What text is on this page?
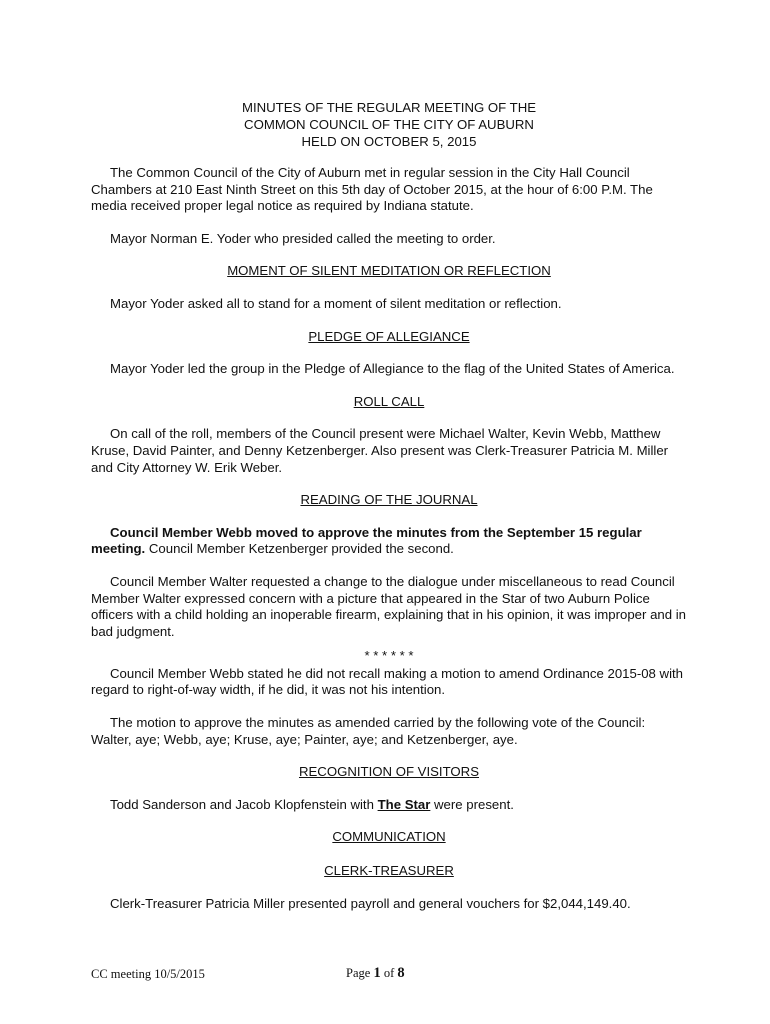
MINUTES OF THE REGULAR MEETING OF THE
COMMON COUNCIL OF THE CITY OF AUBURN
HELD ON OCTOBER 5, 2015

The Common Council of the City of Auburn met in regular session in the City Hall Council Chambers at 210 East Ninth Street on this 5th day of October 2015, at the hour of 6:00 P.M. The media received proper legal notice as required by Indiana statute.

Mayor Norman E. Yoder who presided called the meeting to order.

MOMENT OF SILENT MEDITATION OR REFLECTION

Mayor Yoder asked all to stand for a moment of silent meditation or reflection.

PLEDGE OF ALLEGIANCE

Mayor Yoder led the group in the Pledge of Allegiance to the flag of the United States of America.

ROLL CALL

On call of the roll, members of the Council present were Michael Walter, Kevin Webb, Matthew Kruse, David Painter, and Denny Ketzenberger. Also present was Clerk-Treasurer Patricia M. Miller and City Attorney W. Erik Weber.

READING OF THE JOURNAL

Council Member Webb moved to approve the minutes from the September 15 regular meeting. Council Member Ketzenberger provided the second.

Council Member Walter requested a change to the dialogue under miscellaneous to read Council Member Walter expressed concern with a picture that appeared in the Star of two Auburn Police officers with a child holding an inoperable firearm, explaining that in his opinion, it was improper and in bad judgment.

* * * * * *

Council Member Webb stated he did not recall making a motion to amend Ordinance 2015-08 with regard to right-of-way width, if he did, it was not his intention.

The motion to approve the minutes as amended carried by the following vote of the Council: Walter, aye; Webb, aye; Kruse, aye; Painter, aye; and Ketzenberger, aye.

RECOGNITION OF VISITORS

Todd Sanderson and Jacob Klopfenstein with The Star were present.

COMMUNICATION
CLERK-TREASURER

Clerk-Treasurer Patricia Miller presented payroll and general vouchers for $2,044,149.40.

CC meeting 10/5/2015	Page 1 of 8
